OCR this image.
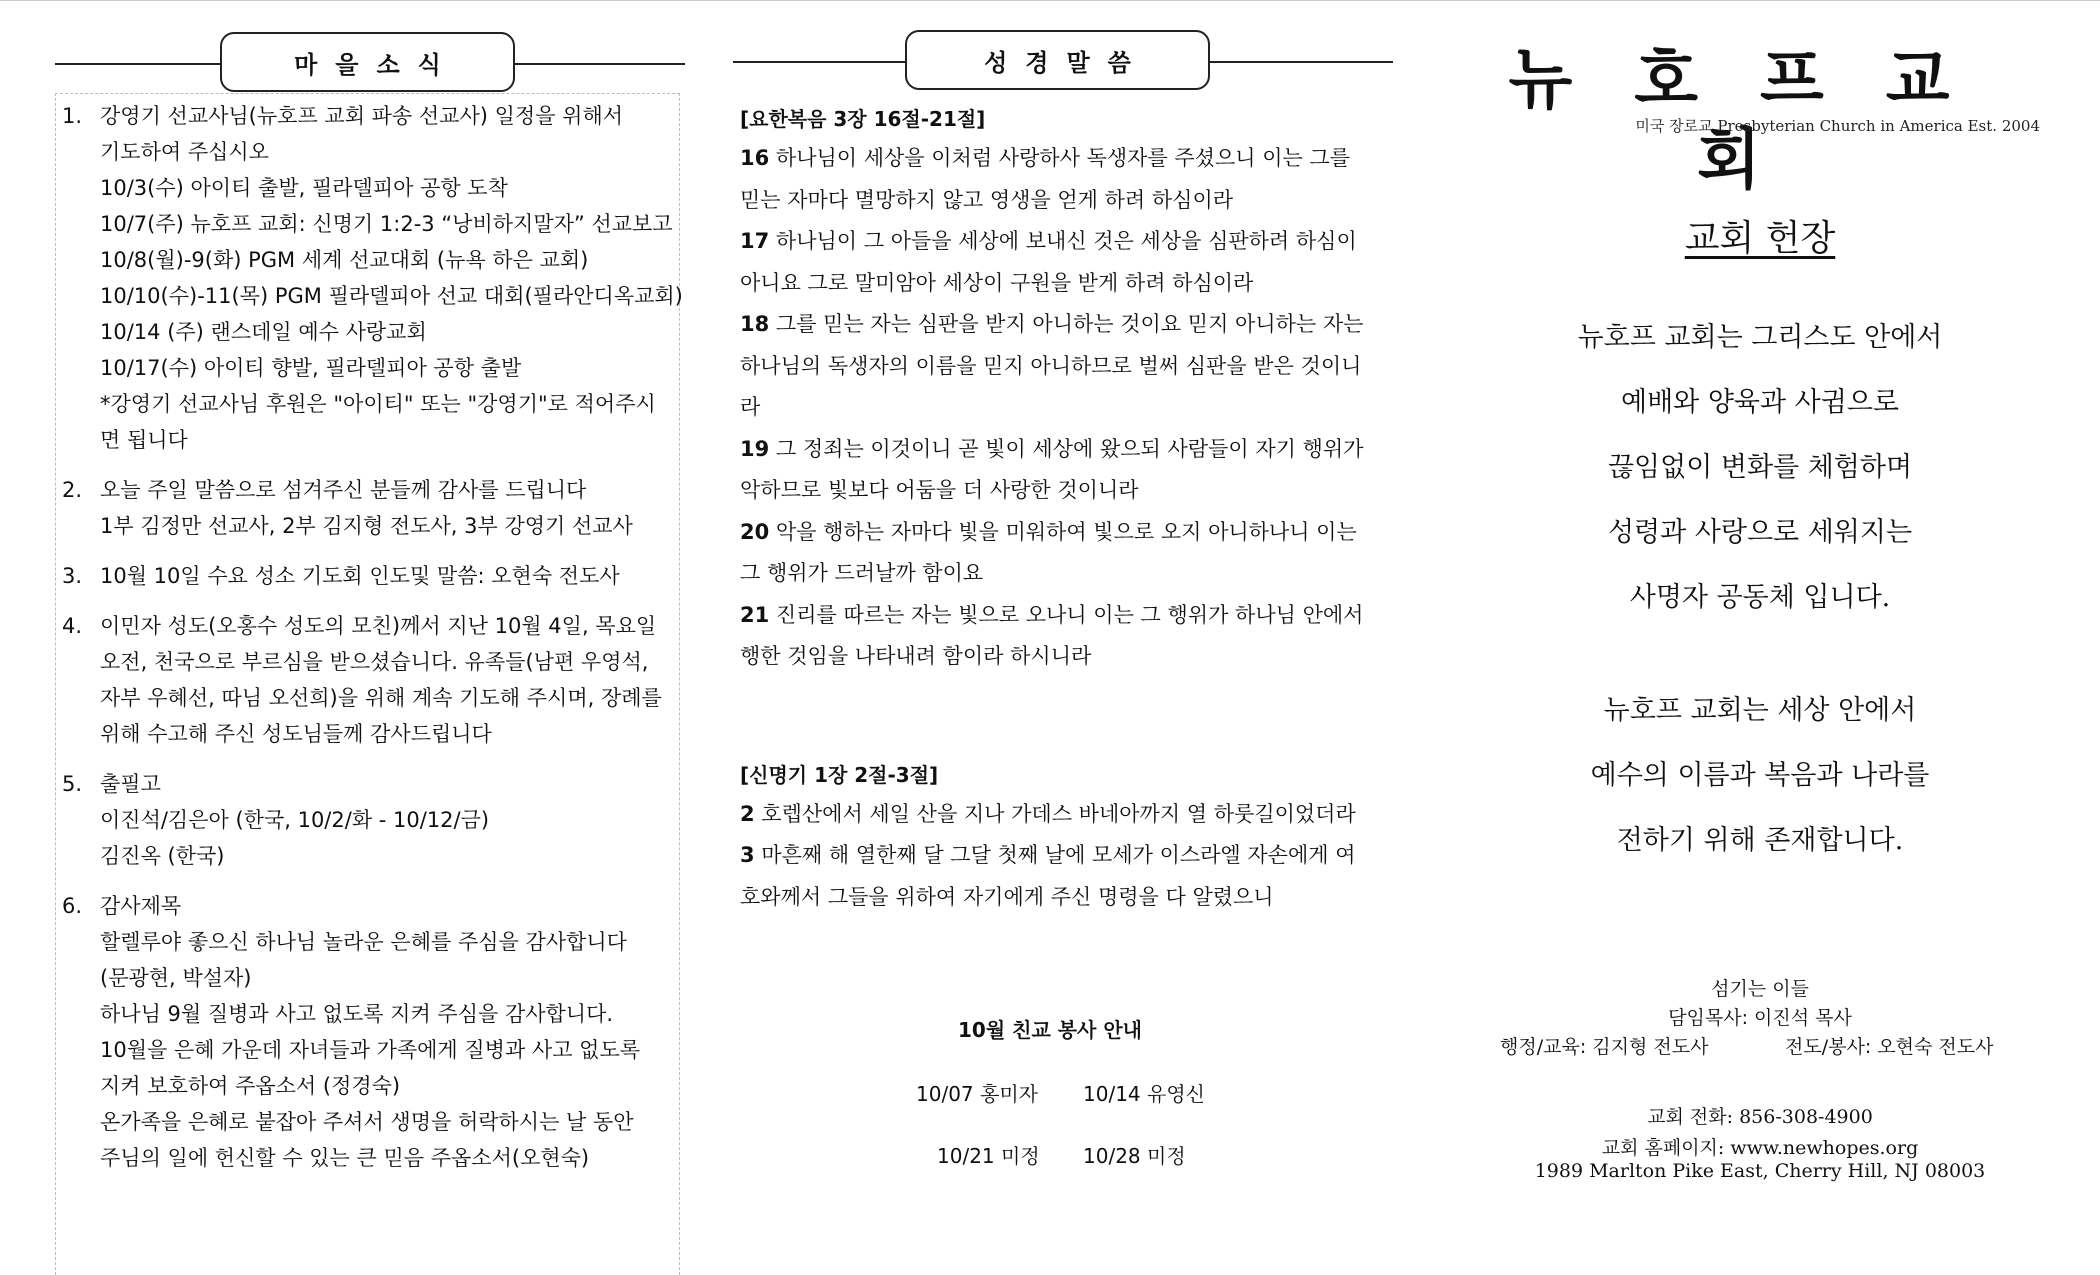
마을소식	성경말씀
1. 강영기 선교사님(뉴호프 교회 파송 선교사) 일정을 위해서
기도하여 주십시오
10/3(수) 아이티 출발, 필라델피아 공항 도착
10/7(주) 뉴호프 교회: 신명기 1:2-3 “낭비하지말자” 선교보고
10/8(월)-9(화) PGM 세계 선교대회 (뉴욕 하은 교회)
10/10(수)-11(목) PGM 필라델피아 선교 대회(필라안디옥교회)
10/14 (주) 랜스데일 예수 사랑교회
10/17(수) 아이티 향발, 필라델피아 공항 출발
*강영기 선교사님 후원은 "아이티" 또는 "강영기"로 적어주시
면 됩니다
2. 오늘 주일 말씀으로 섬겨주신 분들께 감사를 드립니다
1부 김정만 선교사, 2부 김지형 전도사, 3부 강영기 선교사
3. 10월 10일 수요 성소 기도회 인도및 말씀: 오현숙 전도사
4. 이민자 성도(오홍수 성도의 모친)께서 지난 10월 4일, 목요일
오전, 천국으로 부르심을 받으셨습니다. 유족들(남편 우영석,
자부 우혜선, 따님 오선희)을 위해 계속 기도해 주시며, 장례를
위해 수고해 주신 성도님들께 감사드립니다
5. 출필고
이진석/김은아 (한국, 10/2/화 - 10/12/금)
김진옥 (한국)
6. 감사제목
할렐루야 좋으신 하나님 놀라운 은혜를 주심을 감사합니다
(문광현, 박설자)
하나님 9월 질병과 사고 없도록 지켜 주심을 감사합니다.
10월을 은혜 가운데 자녀들과 가족에게 질병과 사고 없도록
지켜 보호하여 주옵소서 (정경숙)
온가족을 은혜로 붙잡아 주셔서 생명을 허락하시는 날 동안
주님의 일에 헌신할 수 있는 큰 믿음 주옵소서(오현숙)
[요한복음 3장 16절-21절]
16 하나님이 세상을 이처럼 사랑하사 독생자를 주셨으니 이는 그를
믿는 자마다 멸망하지 않고 영생을 얻게 하려 하심이라
17 하나님이 그 아들을 세상에 보내신 것은 세상을 심판하려 하심이
아니요 그로 말미암아 세상이 구원을 받게 하려 하심이라
18 그를 믿는 자는 심판을 받지 아니하는 것이요 믿지 아니하는 자는
하나님의 독생자의 이름을 믿지 아니하므로 벌써 심판을 받은 것이니
라
19 그 정죄는 이것이니 곧 빛이 세상에 왔으되 사람들이 자기 행위가
악하므로 빛보다 어둠을 더 사랑한 것이니라
20 악을 행하는 자마다 빛을 미워하여 빛으로 오지 아니하나니 이는
그 행위가 드러날까 함이요
21 진리를 따르는 자는 빛으로 오나니 이는 그 행위가 하나님 안에서
행한 것임을 나타내려 함이라 하시니라
[신명기 1장 2절-3절]
2 호렙산에서 세일 산을 지나 가데스 바네아까지 열 하룻길이었더라
3 마흔째 해 열한째 달 그달 첫째 날에 모세가 이스라엘 자손에게 여
호와께서 그들을 위하여 자기에게 주신 명령을 다 알렸으니
10월 친교 봉사 안내
10/07 홍미자 10/14 유영신
10/21 미정 10/28 미정
뉴호프교회
미국 장로교 Presbyterian Church in America Est. 2004
교회 헌장
뉴호프 교회는 그리스도 안에서
예배와 양육과 사귐으로
끊임없이 변화를 체험하며
성령과 사랑으로 세워지는
사명자 공동체 입니다.
뉴호프 교회는 세상 안에서
예수의 이름과 복음과 나라를
전하기 위해 존재합니다.
섬기는 이들
담임목사: 이진석 목사
행정/교육: 김지형 전도사	전도/봉사: 오현숙 전도사
교회 전화: 856-308-4900
교회 홈페이지: www.newhopes.org
1989 Marlton Pike East, Cherry Hill, NJ 08003
